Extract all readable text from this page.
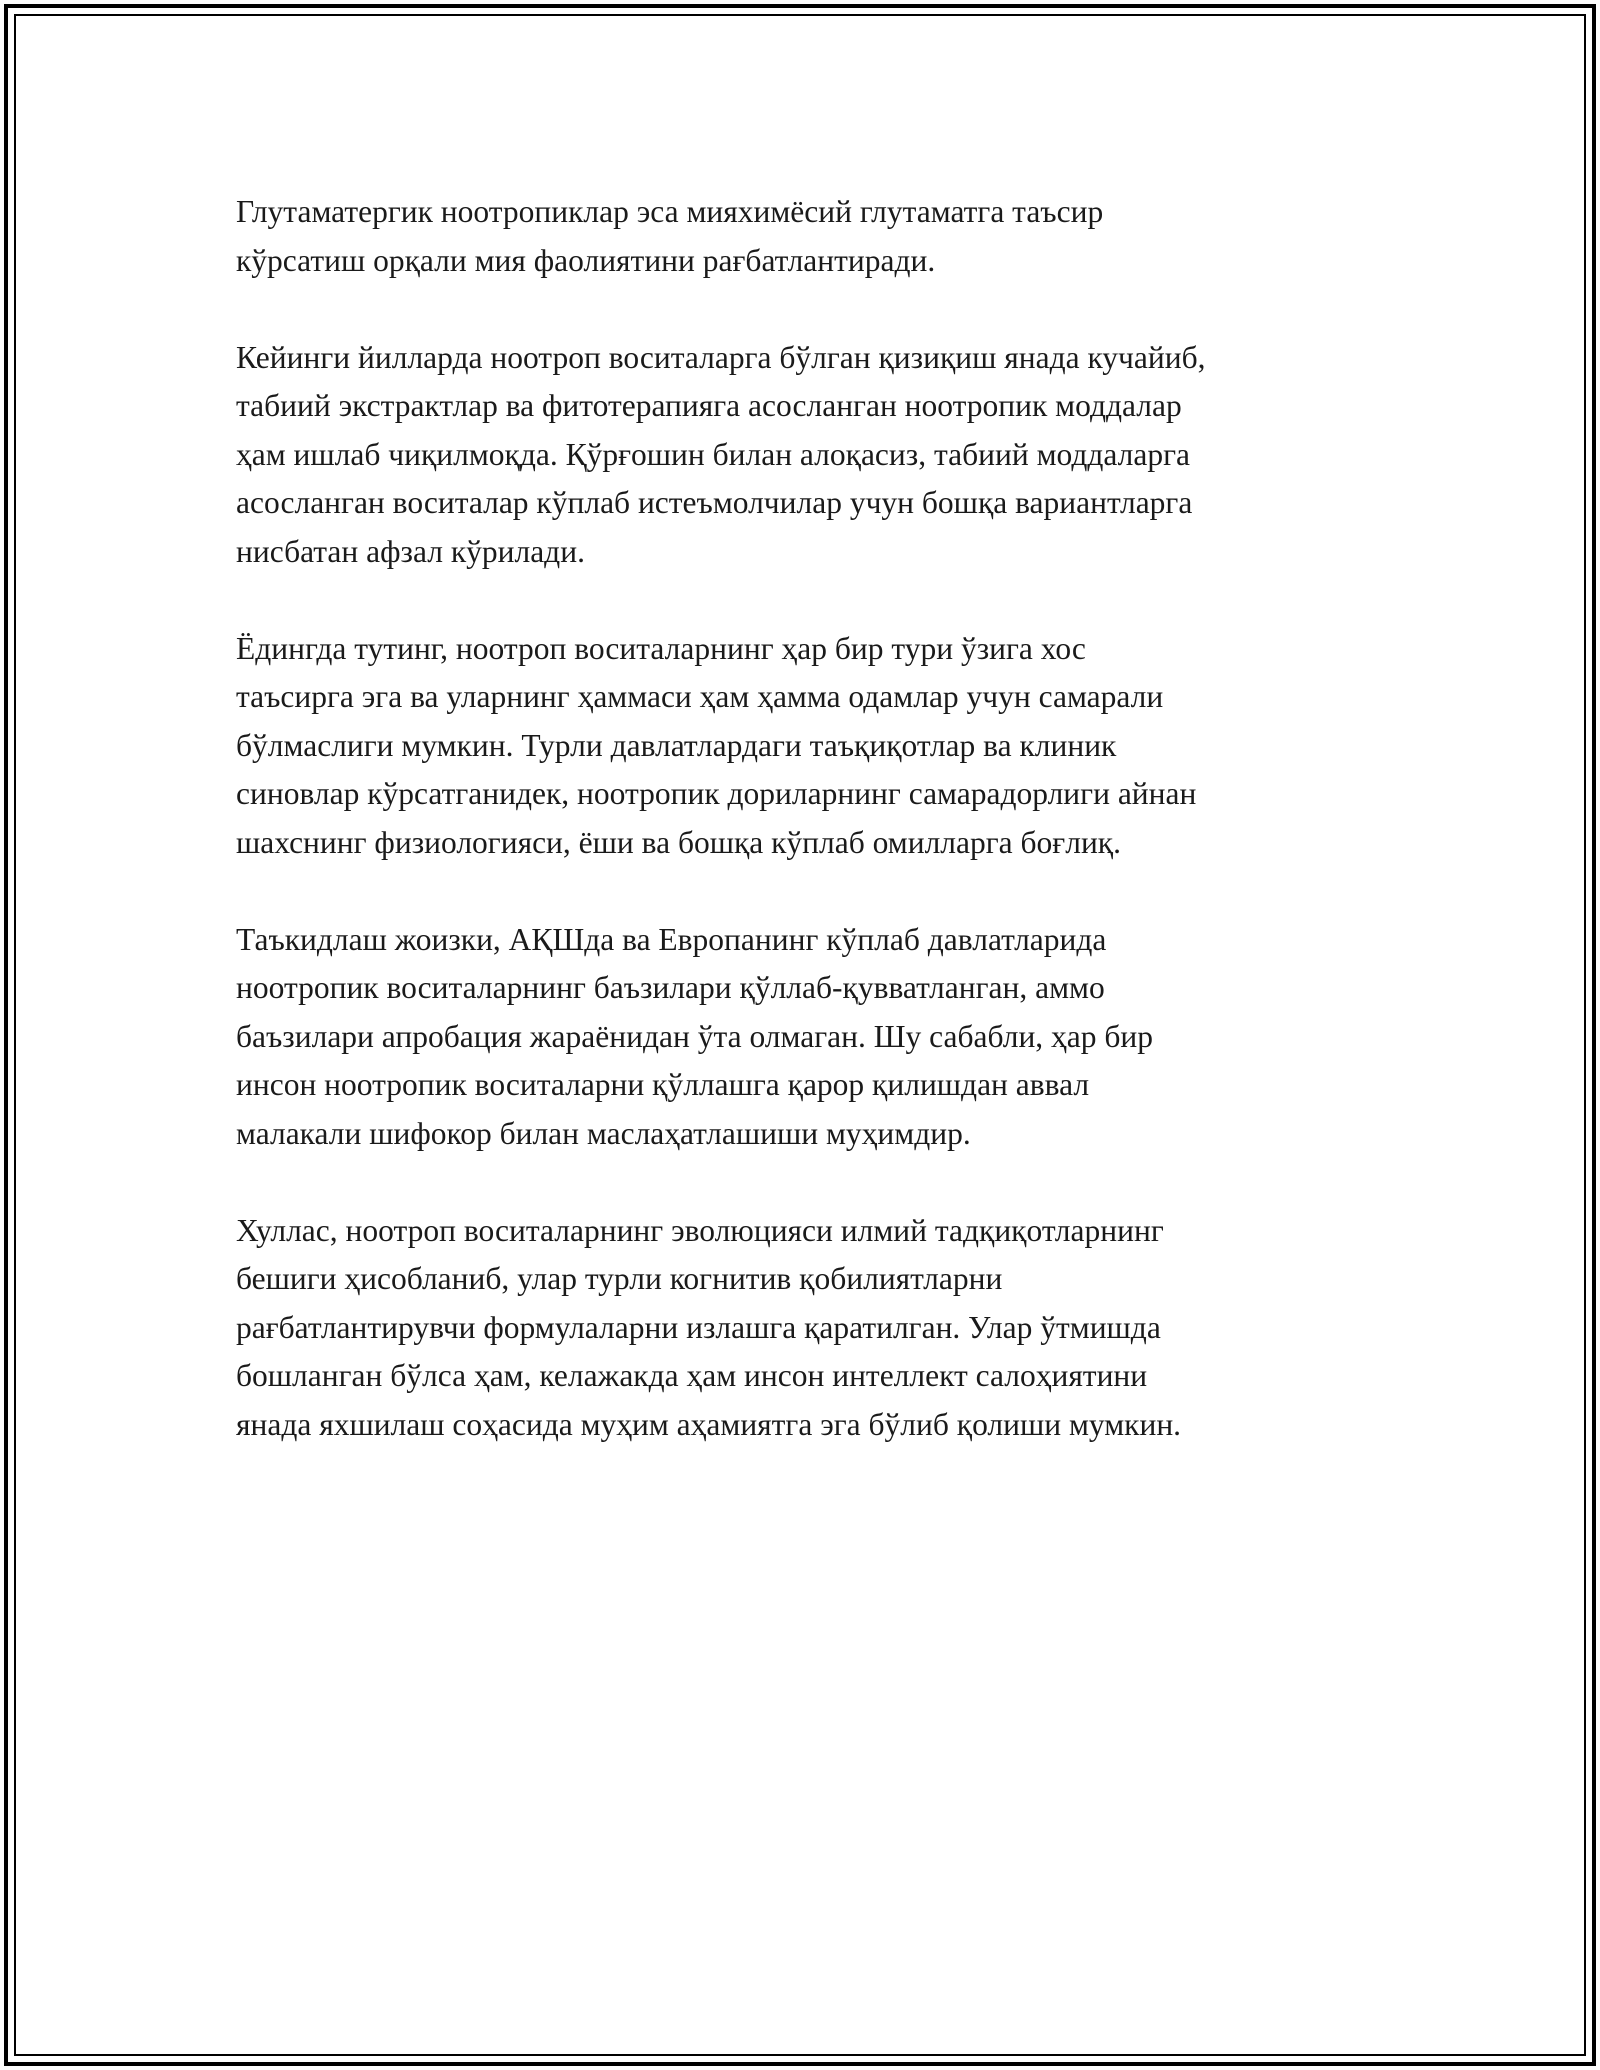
Глутаматергик ноотропиклар эса мияхимёсий глутаматга таъсир
кўрсатиш орқали мия фаолиятини рағбатлантиради.

Кейинги йилларда ноотроп воситаларга бўлган қизиқиш янада кучайиб,
табиий экстрактлар ва фитотерапияга асосланган ноотропик моддалар
ҳам ишлаб чиқилмоқда. Қўрғошин билан алоқасиз, табиий моддаларга
асосланган воситалар кўплаб истеъмолчилар учун бошқа вариантларга
нисбатан афзал кўрилади.

Ёдингда тутинг, ноотроп воситаларнинг ҳар бир тури ўзига хос
таъсирга эга ва уларнинг ҳаммаси ҳам ҳамма одамлар учун самарали
бўлмаслиги мумкин. Турли давлатлардаги таъқиқотлар ва клиник
синовлар кўрсатганидек, ноотропик дориларнинг самарадорлиги айнан
шахснинг физиологияси, ёши ва бошқа кўплаб омилларга боғлиқ.

Таъкидлаш жоизки, АҚШда ва Европанинг кўплаб давлатларида
ноотропик воситаларнинг баъзилари қўллаб-қувватланган, аммо
баъзилари апробация жараёнидан ўта олмаган. Шу сабабли, ҳар бир
инсон ноотропик воситаларни қўллашга қарор қилишдан аввал
малакали шифокор билан маслаҳатлашиши муҳимдир.

Хуллас, ноотроп воситаларнинг эволюцияси илмий тадқиқотларнинг
бешиги ҳисобланиб, улар турли когнитив қобилиятларни
рағбатлантирувчи формулаларни излашга қаратилган. Улар ўтмишда
бошланган бўлса ҳам, келажакда ҳам инсон интеллект салоҳиятини
янада яхшилаш соҳасида муҳим аҳамиятга эга бўлиб қолиши мумкин.
